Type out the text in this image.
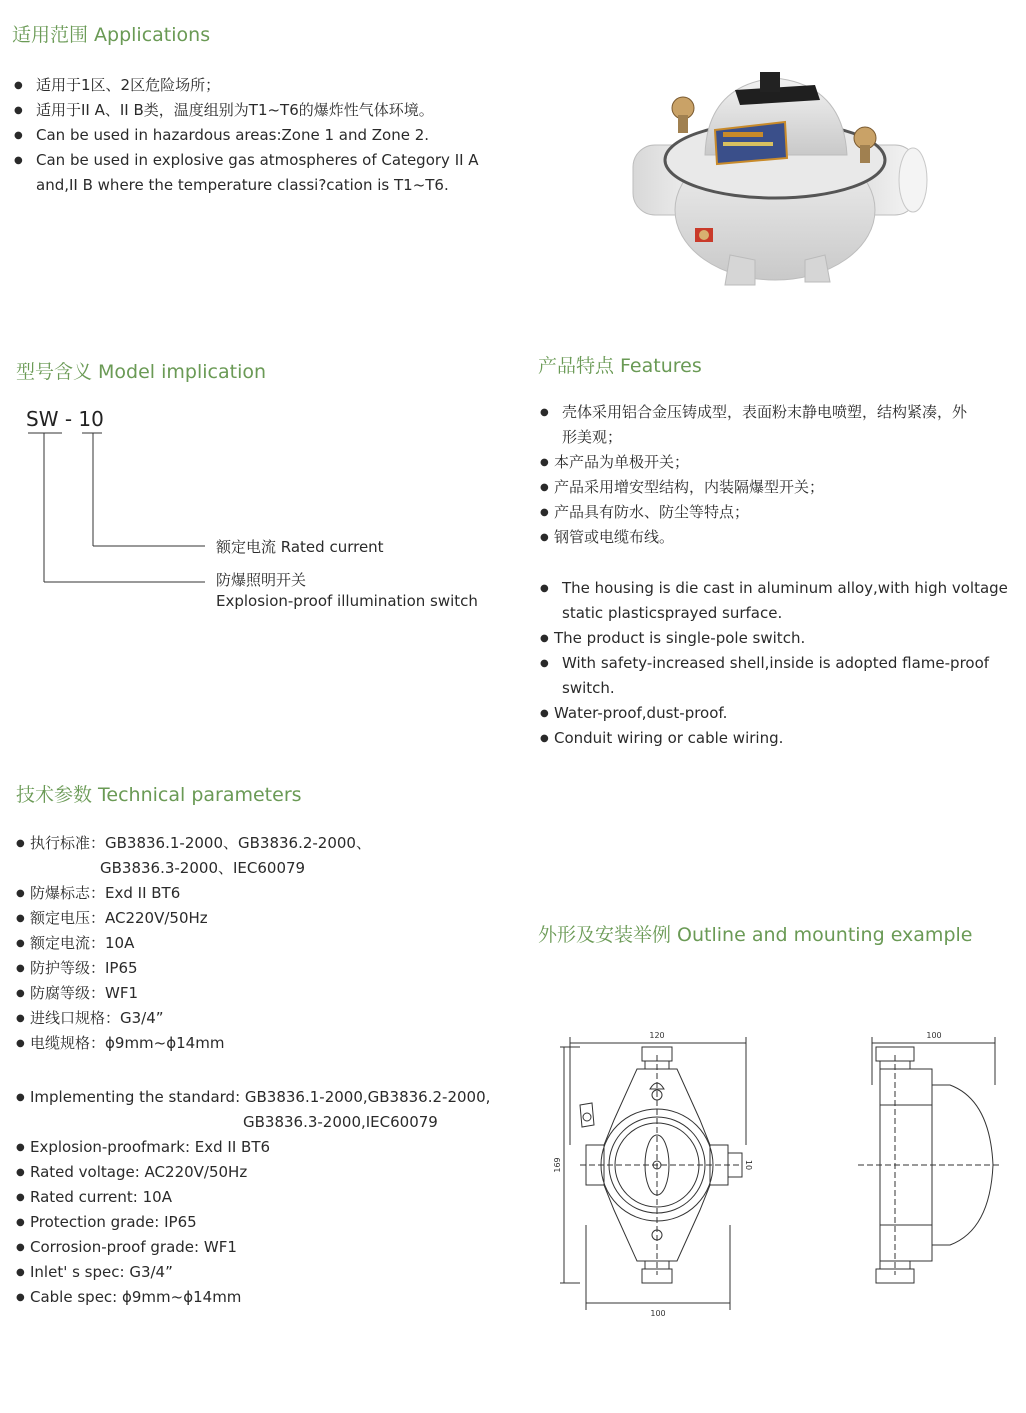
适用范围 Applications
● 适用于1区、2区危险场所；
● 适用于II A、II B类，温度组别为T1~T6的爆炸性气体环境。
● Can be used in hazardous areas:Zone 1 and Zone 2.
● Can be used in explosive gas atmospheres of Category II A
and,II B where the temperature classi?cation is T1~T6.
型号含义 Model implication
SW - 10
额定电流 Rated current
防爆照明开关
Explosion-proof illumination switch
产品特点 Features
● 壳体采用铝合金压铸成型，表面粉末静电喷塑，结构紧凑，外
形美观；
● 本产品为单极开关；
● 产品采用增安型结构，内装隔爆型开关；
● 产品具有防水、防尘等特点；
● 钢管或电缆布线。
● The housing is die cast in aluminum alloy,with high voltage
static plasticsprayed surface.
● The product is single-pole switch.
● With safety-increased shell,inside is adopted flame-proof
switch.
● Water-proof,dust-proof.
● Conduit wiring or cable wiring.
技术参数 Technical parameters
● 执行标准：GB3836.1-2000、GB3836.2-2000、
GB3836.3-2000、IEC60079
● 防爆标志：Exd II BT6
● 额定电压：AC220V/50Hz
● 额定电流：10A
● 防护等级：IP65
● 防腐等级：WF1
● 进线口规格：G3/4”
● 电缆规格：ϕ9mm~ϕ14mm
● Implementing the standard: GB3836.1-2000,GB3836.2-2000,
GB3836.3-2000,IEC60079
● Explosion-proofmark: Exd II BT6
● Rated voltage: AC220V/50Hz
● Rated current: 10A
● Protection grade: IP65
● Corrosion-proof grade: WF1
● Inlet' s spec: G3/4”
● Cable spec: ϕ9mm~ϕ14mm
外形及安装举例 Outline and mounting example
120
169	10
100
100
